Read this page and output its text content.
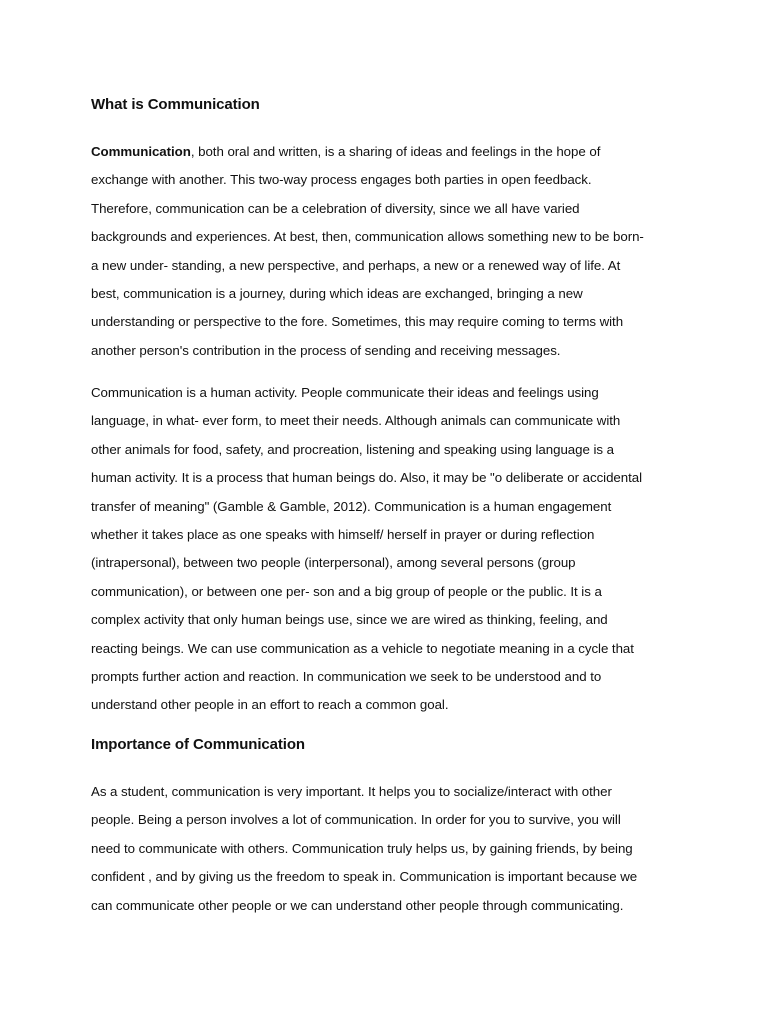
What is Communication
Communication, both oral and written, is a sharing of ideas and feelings in the hope of
exchange with another. This two-way process engages both parties in open feedback.
Therefore, communication can be a celebration of diversity, since we all have varied
backgrounds and experiences. At best, then, communication allows something new to be born-
a new under- standing, a new perspective, and perhaps, a new or a renewed way of life. At
best, communication is a journey, during which ideas are exchanged, bringing a new
understanding or perspective to the fore. Sometimes, this may require coming to terms with
another person's contribution in the process of sending and receiving messages.
Communication is a human activity. People communicate their ideas and feelings using
language, in what- ever form, to meet their needs. Although animals can communicate with
other animals for food, safety, and procreation, listening and speaking using language is a
human activity. It is a process that human beings do. Also, it may be "o deliberate or accidental
transfer of meaning" (Gamble & Gamble, 2012). Communication is a human engagement
whether it takes place as one speaks with himself/ herself in prayer or during reflection
(intrapersonal), between two people (interpersonal), among several persons (group
communication), or between one per- son and a big group of people or the public. It is a
complex activity that only human beings use, since we are wired as thinking, feeling, and
reacting beings. We can use communication as a vehicle to negotiate meaning in a cycle that
prompts further action and reaction. In communication we seek to be understood and to
understand other people in an effort to reach a common goal.
Importance of Communication
As a student, communication is very important. It helps you to socialize/interact with other
people. Being a person involves a lot of communication. In order for you to survive, you will
need to communicate with others. Communication truly helps us, by gaining friends, by being
confident , and by giving us the freedom to speak in. Communication is important because we
can communicate other people or we can understand other people through communicating.
